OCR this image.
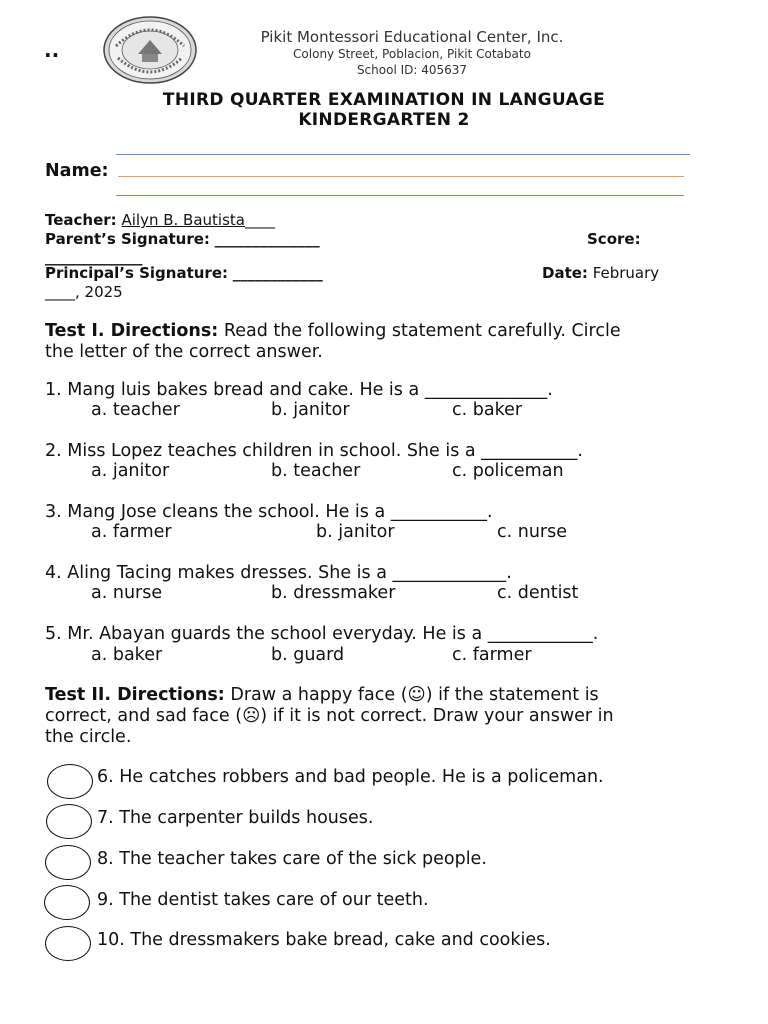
..
Pikit Montessori Educational Center, Inc.
Colony Street, Poblacion, Pikit Cotabato
School ID: 405637
THIRD QUARTER EXAMINATION IN LANGUAGE
KINDERGARTEN 2
Name:
Teacher: Ailyn B. Bautista____
Parent’s Signature: ______________	Score:
_____________
Principal’s Signature: ____________	Date: February
____, 2025
Test I. Directions: Read the following statement carefully. Circle
the letter of the correct answer.
1. Mang luis bakes bread and cake. He is a ______________.
a. teacher	b. janitor	c. baker
2. Miss Lopez teaches children in school. She is a ___________.
a. janitor	b. teacher	c. policeman
3. Mang Jose cleans the school. He is a ___________.
a. farmer	b. janitor	c. nurse
4. Aling Tacing makes dresses. She is a _____________.
a. nurse	b. dressmaker	c. dentist
5. Mr. Abayan guards the school everyday. He is a ____________.
a. baker	b. guard	c. farmer
Test II. Directions: Draw a happy face (☺) if the statement is
correct, and sad face (☹) if it is not correct. Draw your answer in
the circle.
6. He catches robbers and bad people. He is a policeman.
7. The carpenter builds houses.
8. The teacher takes care of the sick people.
9. The dentist takes care of our teeth.
10. The dressmakers bake bread, cake and cookies.
